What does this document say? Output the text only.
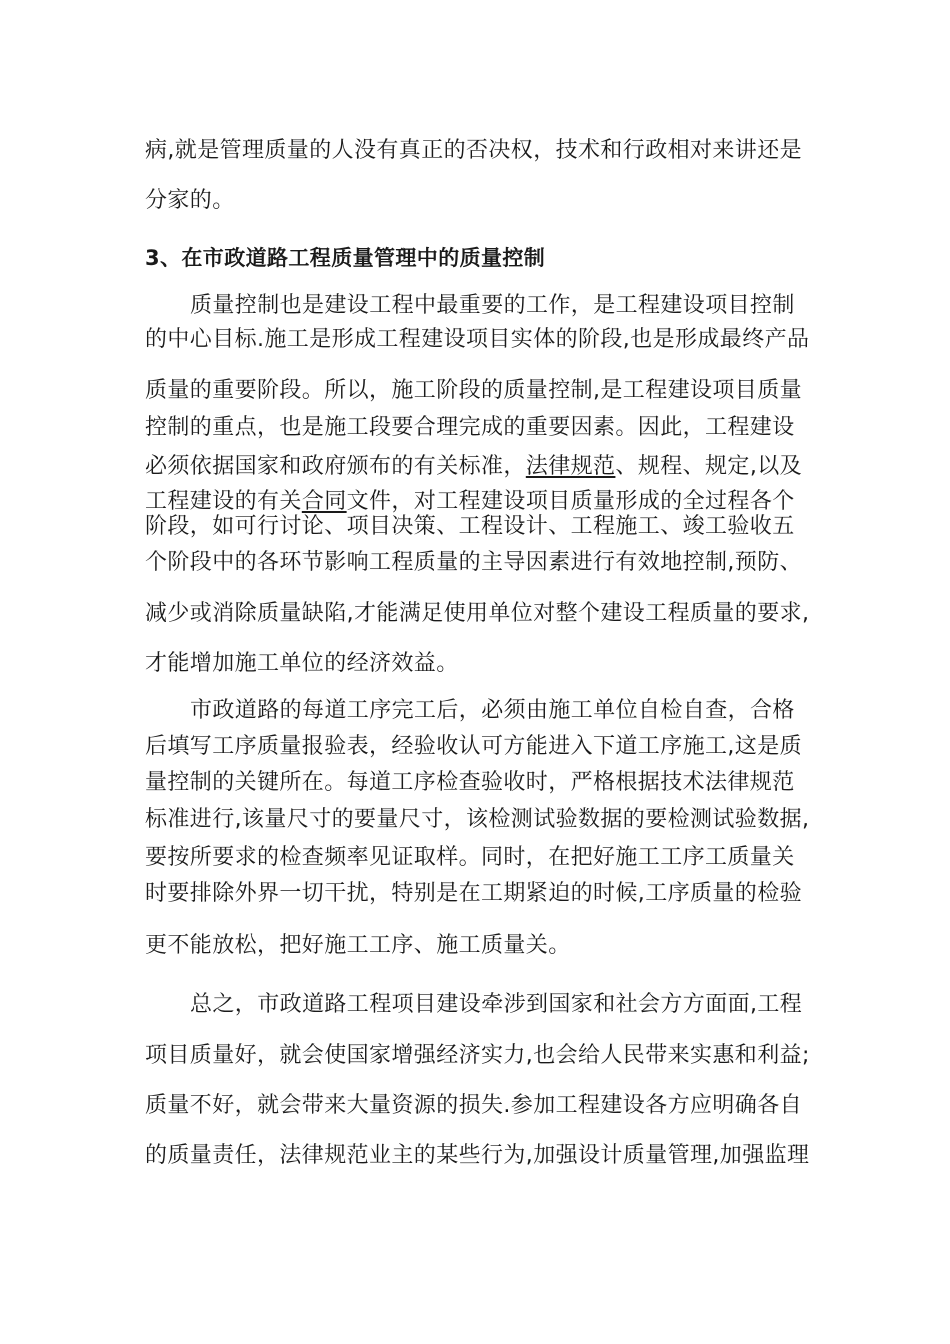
病,就是管理质量的人没有真正的否决权，技术和行政相对来讲还是
分家的。
3、在市政道路工程质量管理中的质量控制
质量控制也是建设工程中最重要的工作，是工程建设项目控制
的中心目标.施工是形成工程建设项目实体的阶段,也是形成最终产品
质量的重要阶段。所以，施工阶段的质量控制,是工程建设项目质量
控制的重点，也是施工段要合理完成的重要因素。因此，工程建设
必须依据国家和政府颁布的有关标准，法律规范、规程、规定,以及
工程建设的有关合同文件，对工程建设项目质量形成的全过程各个
阶段，如可行讨论、项目决策、工程设计、工程施工、竣工验收五
个阶段中的各环节影响工程质量的主导因素进行有效地控制,预防、
减少或消除质量缺陷,才能满足使用单位对整个建设工程质量的要求,
才能增加施工单位的经济效益。
市政道路的每道工序完工后，必须由施工单位自检自查，合格
后填写工序质量报验表，经验收认可方能进入下道工序施工,这是质
量控制的关键所在。每道工序检查验收时，严格根据技术法律规范
标准进行,该量尺寸的要量尺寸，该检测试验数据的要检测试验数据,
要按所要求的检查频率见证取样。同时，在把好施工工序工质量关
时要排除外界一切干扰，特别是在工期紧迫的时候,工序质量的检验
更不能放松，把好施工工序、施工质量关。
总之，市政道路工程项目建设牵涉到国家和社会方方面面,工程
项目质量好，就会使国家增强经济实力,也会给人民带来实惠和利益;
质量不好，就会带来大量资源的损失.参加工程建设各方应明确各自
的质量责任，法律规范业主的某些行为,加强设计质量管理,加强监理
